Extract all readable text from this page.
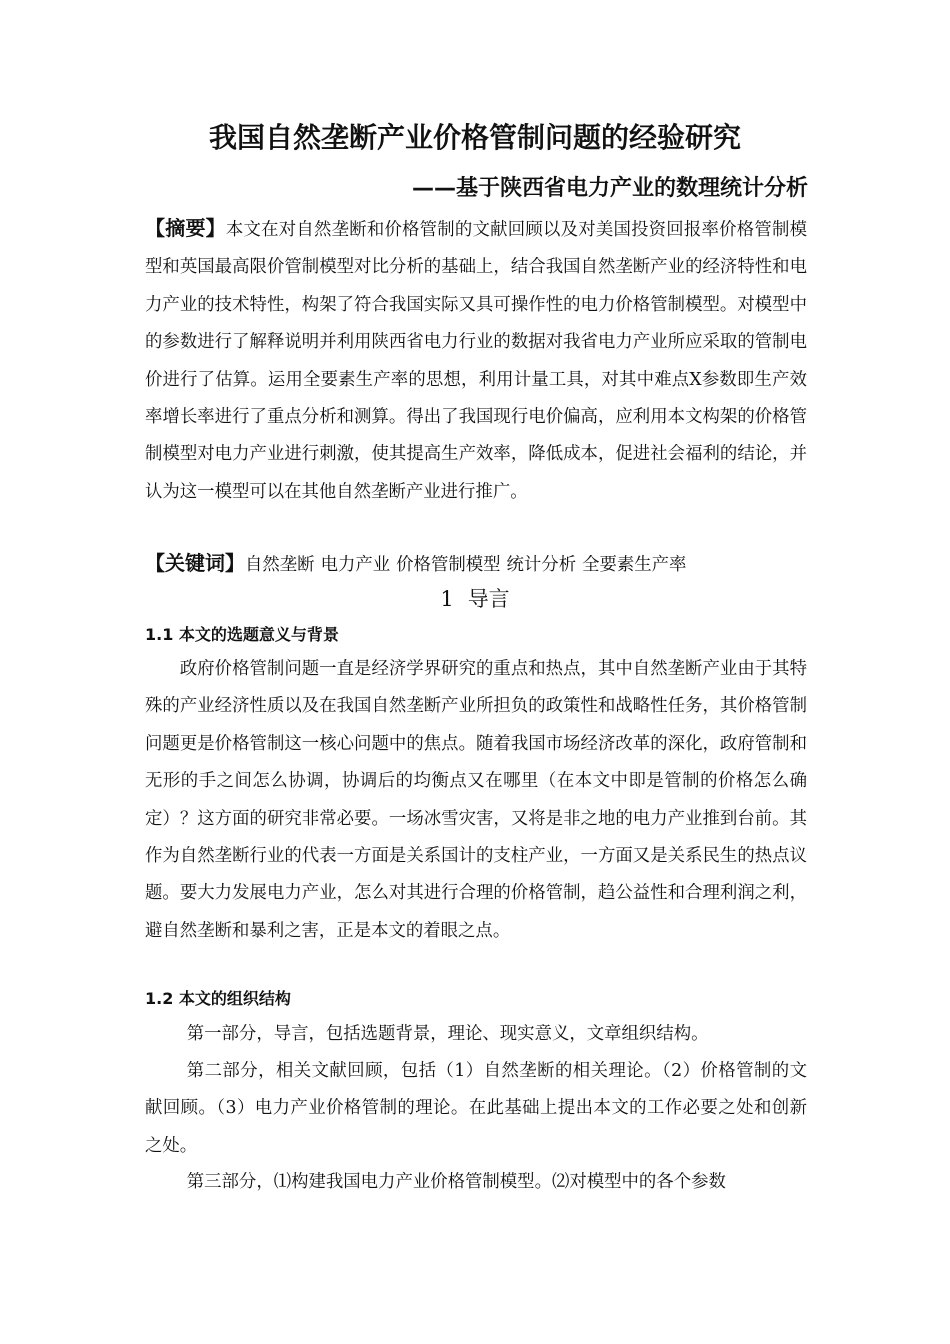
我国自然垄断产业价格管制问题的经验研究
——基于陕西省电力产业的数理统计分析
【摘要】本文在对自然垄断和价格管制的文献回顾以及对美国投资回报率价格管制模型和英国最高限价管制模型对比分析的基础上，结合我国自然垄断产业的经济特性和电力产业的技术特性，构架了符合我国实际又具可操作性的电力价格管制模型。对模型中的参数进行了解释说明并利用陕西省电力行业的数据对我省电力产业所应采取的管制电价进行了估算。运用全要素生产率的思想，利用计量工具，对其中难点X参数即生产效率增长率进行了重点分析和测算。得出了我国现行电价偏高，应利用本文构架的价格管制模型对电力产业进行刺激，使其提高生产效率，降低成本，促进社会福利的结论，并认为这一模型可以在其他自然垄断产业进行推广。
【关键词】自然垄断 电力产业 价格管制模型 统计分析 全要素生产率
1 导言
1.1 本文的选题意义与背景
政府价格管制问题一直是经济学界研究的重点和热点，其中自然垄断产业由于其特殊的产业经济性质以及在我国自然垄断产业所担负的政策性和战略性任务，其价格管制问题更是价格管制这一核心问题中的焦点。随着我国市场经济改革的深化，政府管制和无形的手之间怎么协调，协调后的均衡点又在哪里（在本文中即是管制的价格怎么确定）？这方面的研究非常必要。一场冰雪灾害，又将是非之地的电力产业推到台前。其作为自然垄断行业的代表一方面是关系国计的支柱产业，一方面又是关系民生的热点议题。要大力发展电力产业，怎么对其进行合理的价格管制，趋公益性和合理利润之利，避自然垄断和暴利之害，正是本文的着眼之点。
1.2 本文的组织结构
第一部分，导言，包括选题背景，理论、现实意义，文章组织结构。
第二部分，相关文献回顾，包括（1）自然垄断的相关理论。（2）价格管制的文献回顾。（3）电力产业价格管制的理论。在此基础上提出本文的工作必要之处和创新之处。
第三部分，⑴构建我国电力产业价格管制模型。⑵对模型中的各个参数
